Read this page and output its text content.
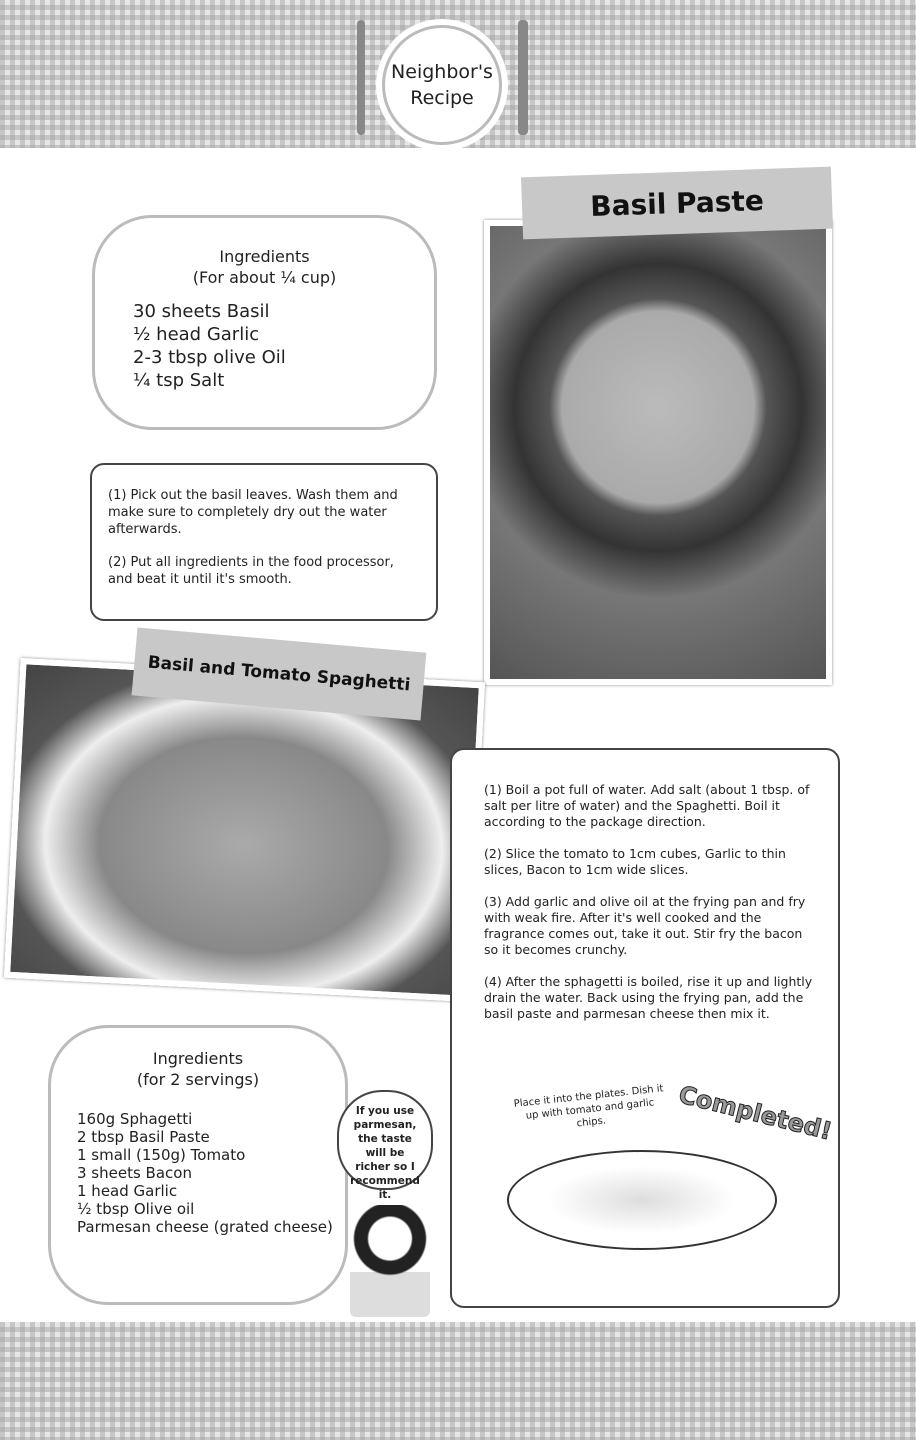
Neighbor's
Recipe
Ingredients
(For about ¼ cup)
30 sheets Basil
½ head Garlic
2-3 tbsp olive Oil
¼ tsp Salt

(1) Pick out the basil leaves. Wash them and make sure to completely dry out the water afterwards.

(2) Put all ingredients in the food processor, and beat it until it's smooth.

Basil Paste
Basil and Tomato Spaghetti

(1) Boil a pot full of water. Add salt (about 1 tbsp. of salt per litre of water) and the Spaghetti. Boil it according to the package direction.

(2) Slice the tomato to 1cm cubes, Garlic to thin slices, Bacon to 1cm wide slices.

(3) Add garlic and olive oil at the frying pan and fry with weak fire. After it's well cooked and the fragrance comes out, take it out. Stir fry the bacon so it becomes crunchy.

(4) After the sphagetti is boiled, rise it up and lightly drain the water. Back using the frying pan, add the basil paste and parmesan cheese then mix it.

Place it into the plates. Dish it up with tomato and garlic chips.	Completed!
Ingredients
(for 2 servings)
160g Sphagetti
2 tbsp Basil Paste
1 small (150g) Tomato
3 sheets Bacon
1 head Garlic
½ tbsp Olive oil
Parmesan cheese (grated cheese)
If you use parmesan, the taste will be richer so I recommend it.
